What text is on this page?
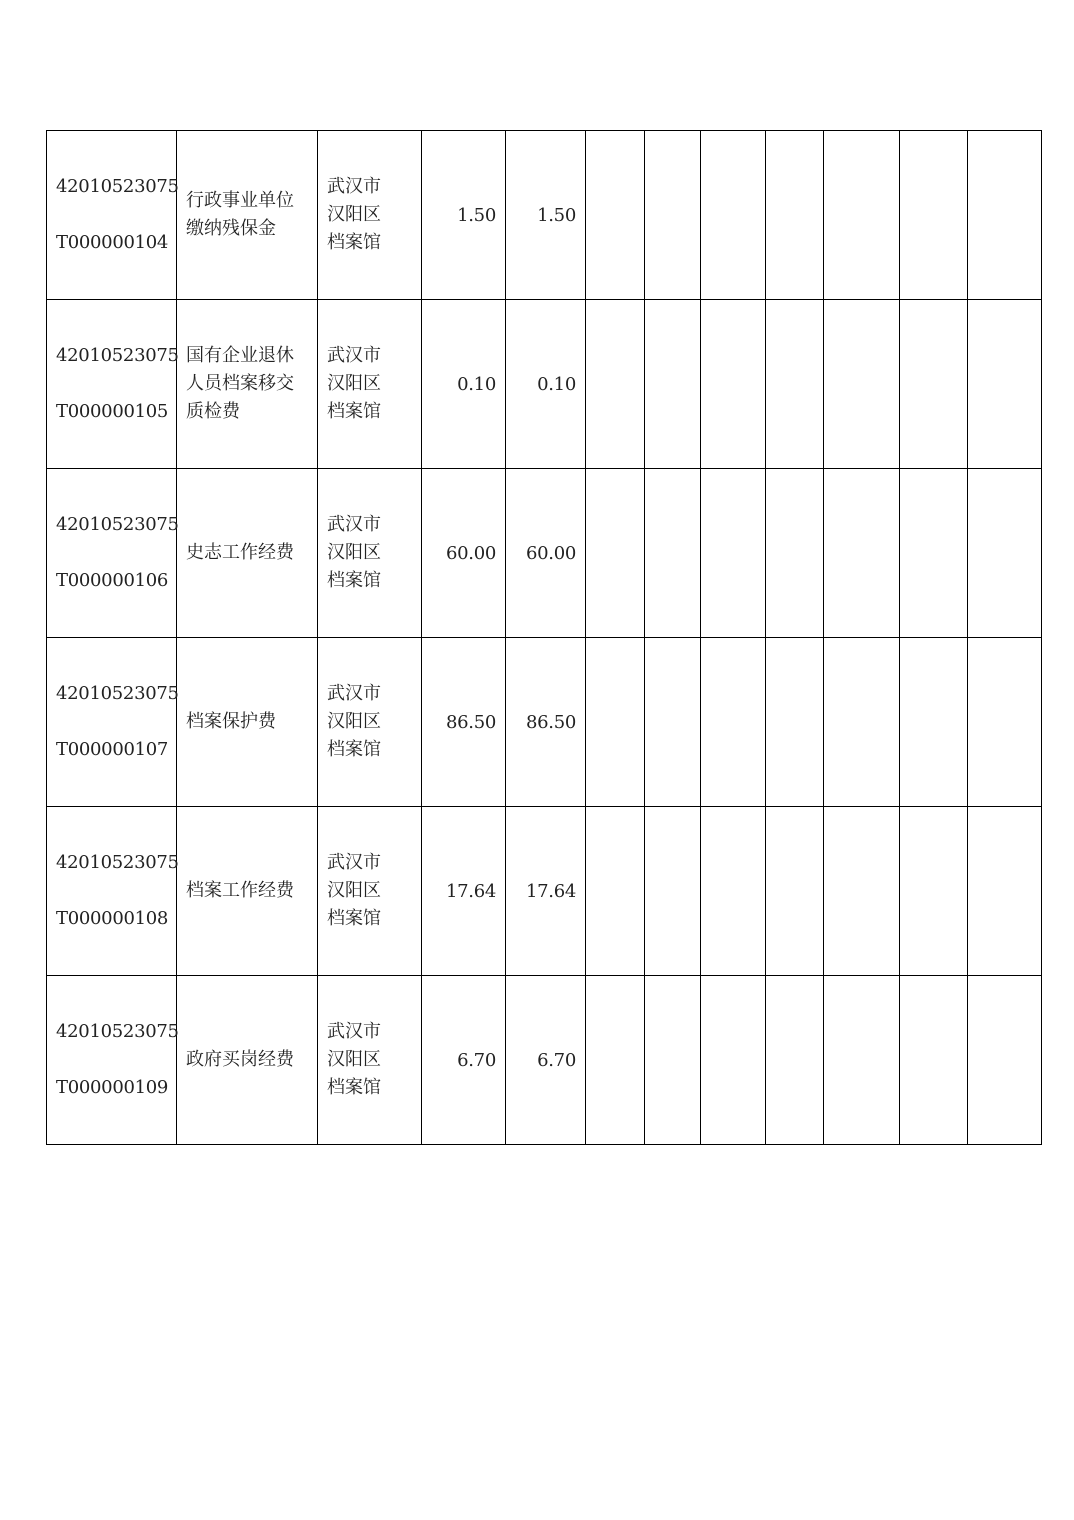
42010523075
T000000104	行政事业单位
缴纳残保金	武汉市
汉阳区
档案馆	1.50	1.50							

42010523075
T000000105	国有企业退休
人员档案移交
质检费	武汉市
汉阳区
档案馆	0.10	0.10							

42010523075
T000000106	史志工作经费	武汉市
汉阳区
档案馆	60.00	60.00							

42010523075
T000000107	档案保护费	武汉市
汉阳区
档案馆	86.50	86.50							

42010523075
T000000108	档案工作经费	武汉市
汉阳区
档案馆	17.64	17.64							

42010523075
T000000109	政府买岗经费	武汉市
汉阳区
档案馆	6.70	6.70							
